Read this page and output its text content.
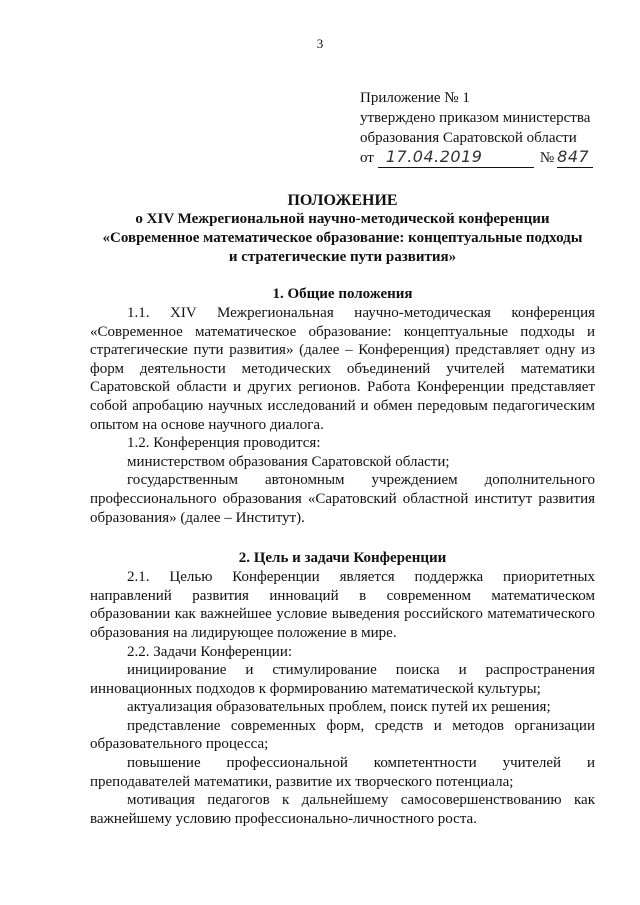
3
Приложение № 1
утверждено приказом министерства
образования Саратовской области
от 17.04.2019	№ 847
ПОЛОЖЕНИЕ
о XIV Межрегиональной научно-методической конференции
«Современное математическое образование: концептуальные подходы
и стратегические пути развития»
1. Общие положения

1.1. XIV Межрегиональная научно-методическая конференция «Современное математическое образование: концептуальные подходы и стратегические пути развития» (далее – Конференция) представляет одну из форм деятельности методических объединений учителей математики Саратовской области и других регионов. Работа Конференции представляет собой апробацию научных исследований и обмен передовым педагогическим опытом на основе научного диалога.

1.2. Конференция проводится:

министерством образования Саратовской области;

государственным автономным учреждением дополнительного профессионального образования «Саратовский областной институт развития образования» (далее – Институт).

2. Цель и задачи Конференции

2.1. Целью Конференции является поддержка приоритетных направлений развития инноваций в современном математическом образовании как важнейшее условие выведения российского математического образования на лидирующее положение в мире.

2.2. Задачи Конференции:

инициирование и стимулирование поиска и распространения инновационных подходов к формированию математической культуры;

актуализация образовательных проблем, поиск путей их решения;

представление современных форм, средств и методов организации образовательного процесса;

повышение профессиональной компетентности учителей и преподавателей математики, развитие их творческого потенциала;

мотивация педагогов к дальнейшему самосовершенствованию как важнейшему условию профессионально-личностного роста.
